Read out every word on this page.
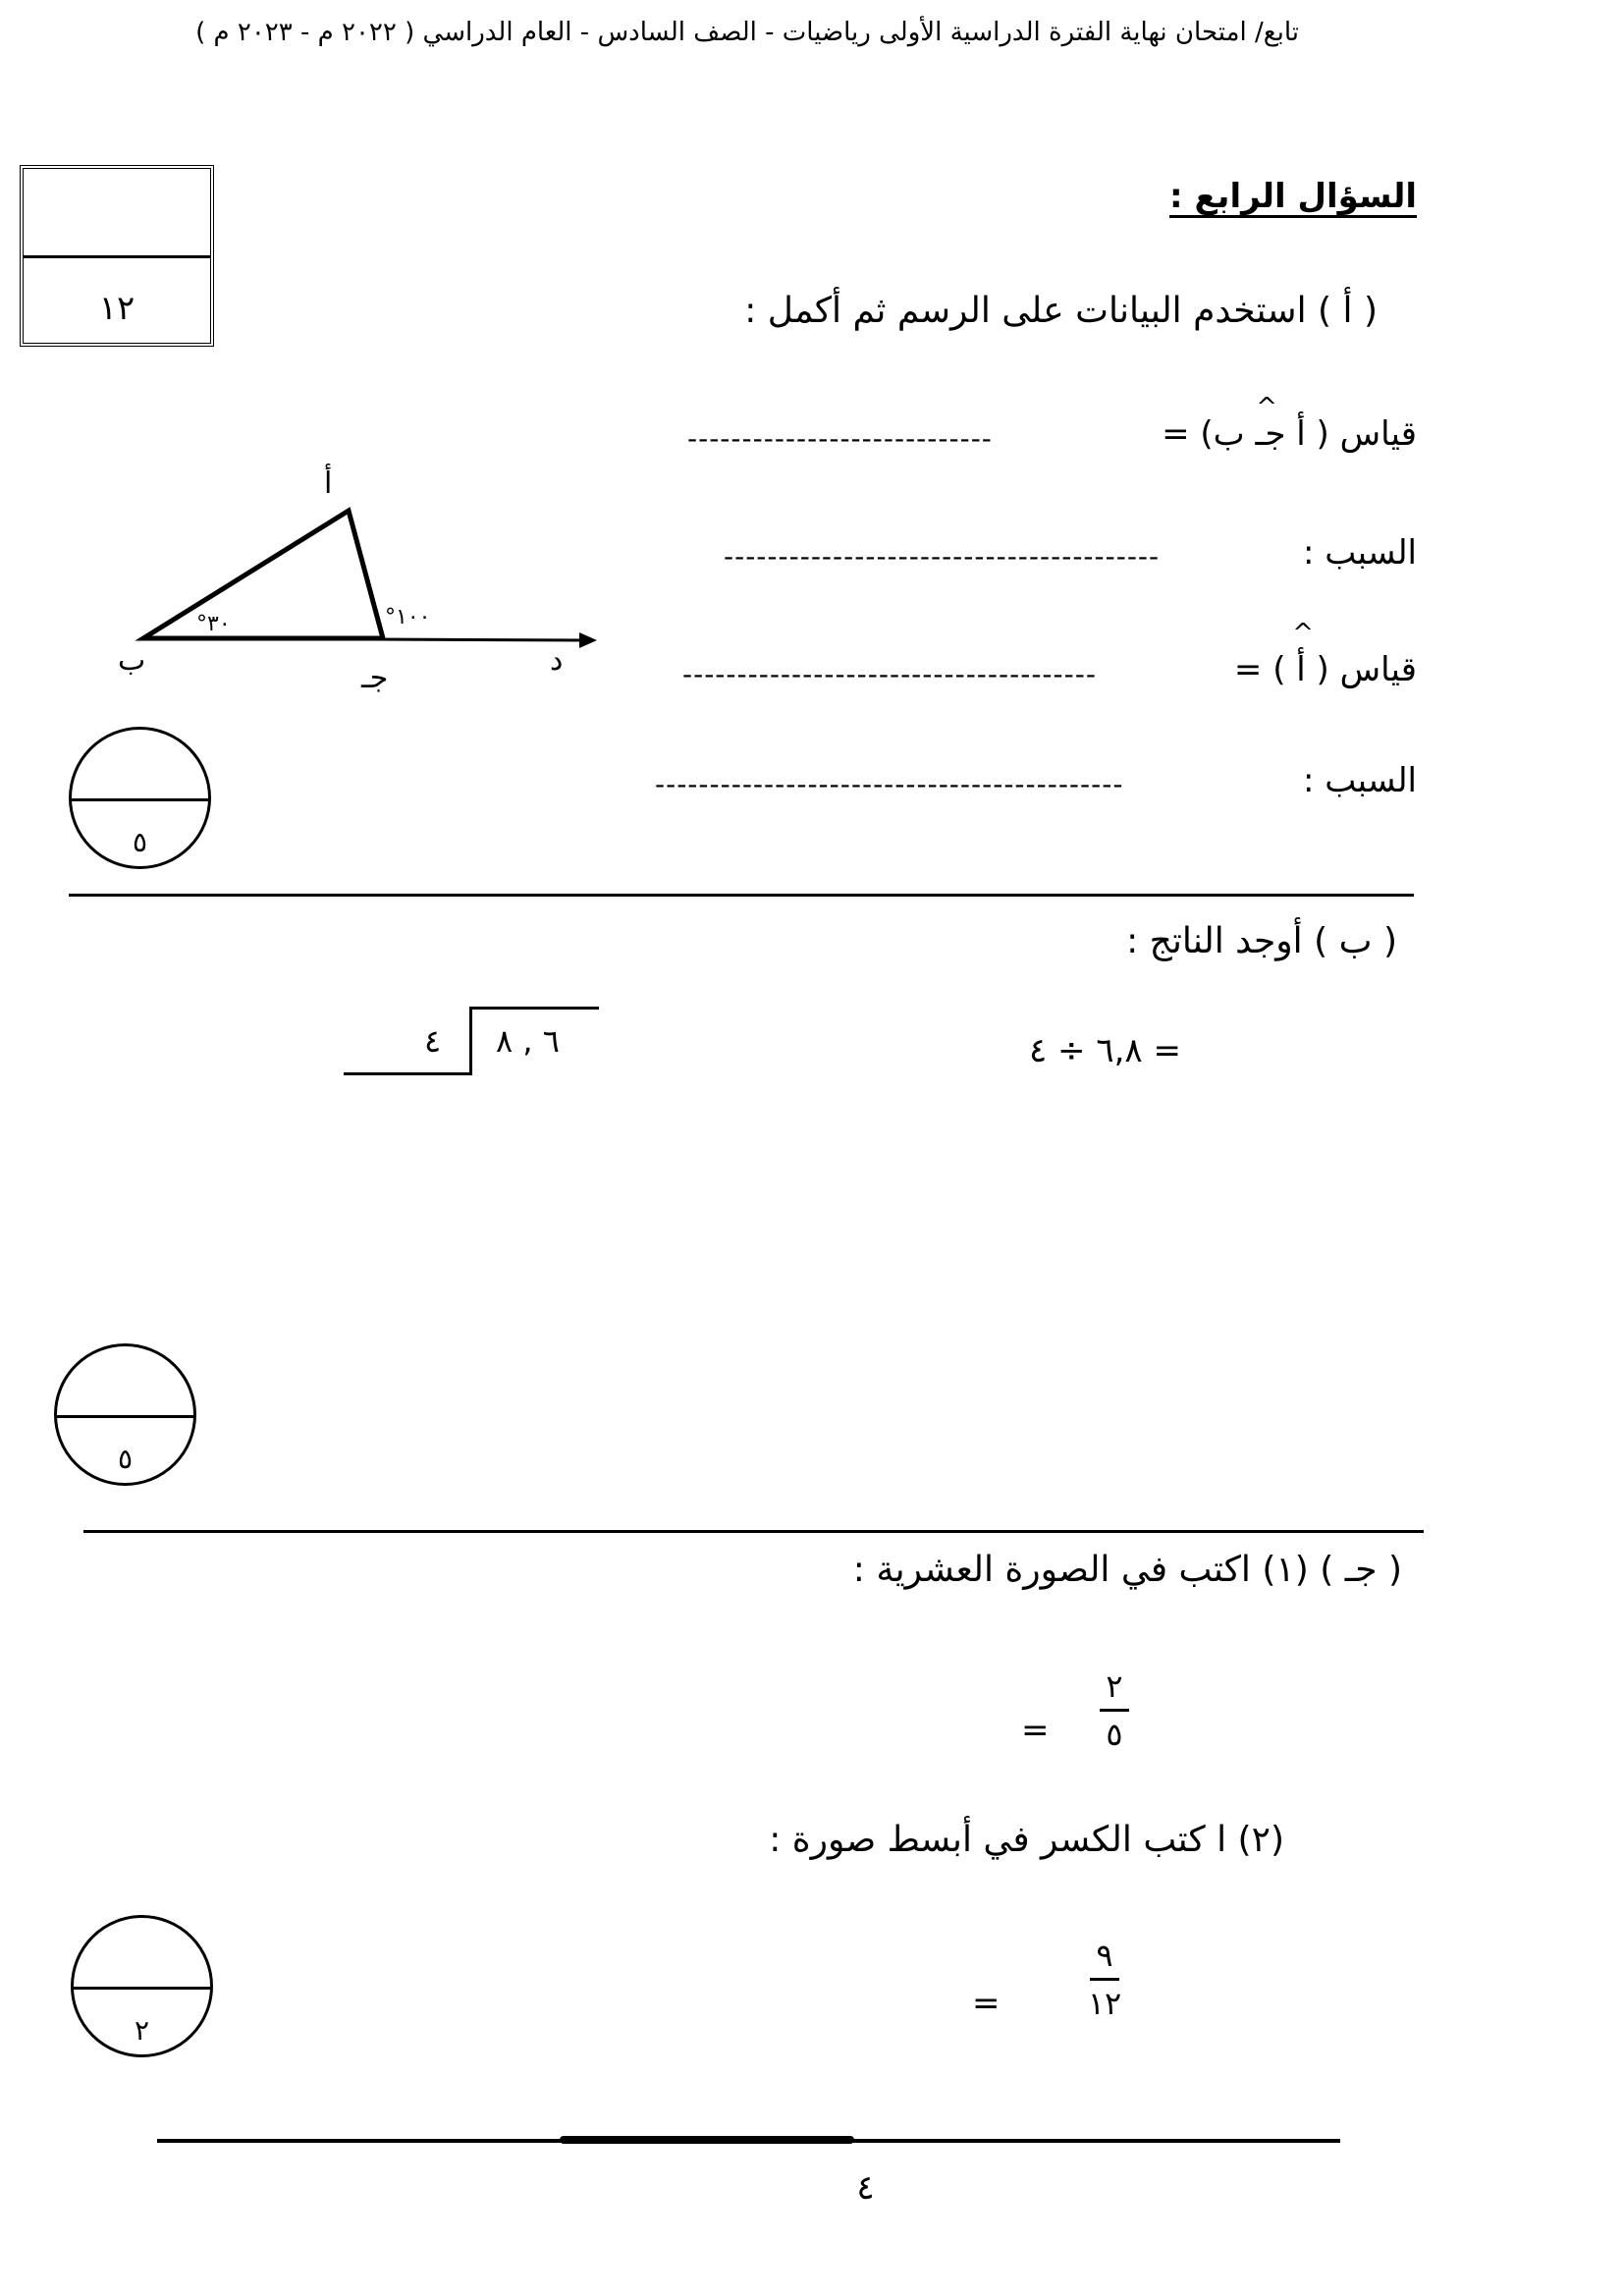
تابع/ امتحان نهاية الفترة الدراسية الأولى رياضيات - الصف السادس - العام الدراسي ( ٢٠٢٢ م - ٢٠٢٣ م )
١٢
السؤال الرابع :
( أ ) استخدم البيانات على الرسم ثم أكمل :
^
قياس ( أ جـ ب) =
----------------------------
السبب :
----------------------------------------
^
قياس ( أ ) =
--------------------------------------
السبب :
-------------------------------------------
أ
ب
جـ
د
°٣٠	°١٠٠
٥
( ب ) أوجد الناتج :
٦,٨ ÷ ٤ =
٤ ٦ , ٨
٥
( جـ ) (١) اكتب في الصورة العشرية :
٢
٥
=
(٢) ا كتب الكسر في أبسط صورة :
٩
١٢
=
٢
٤
